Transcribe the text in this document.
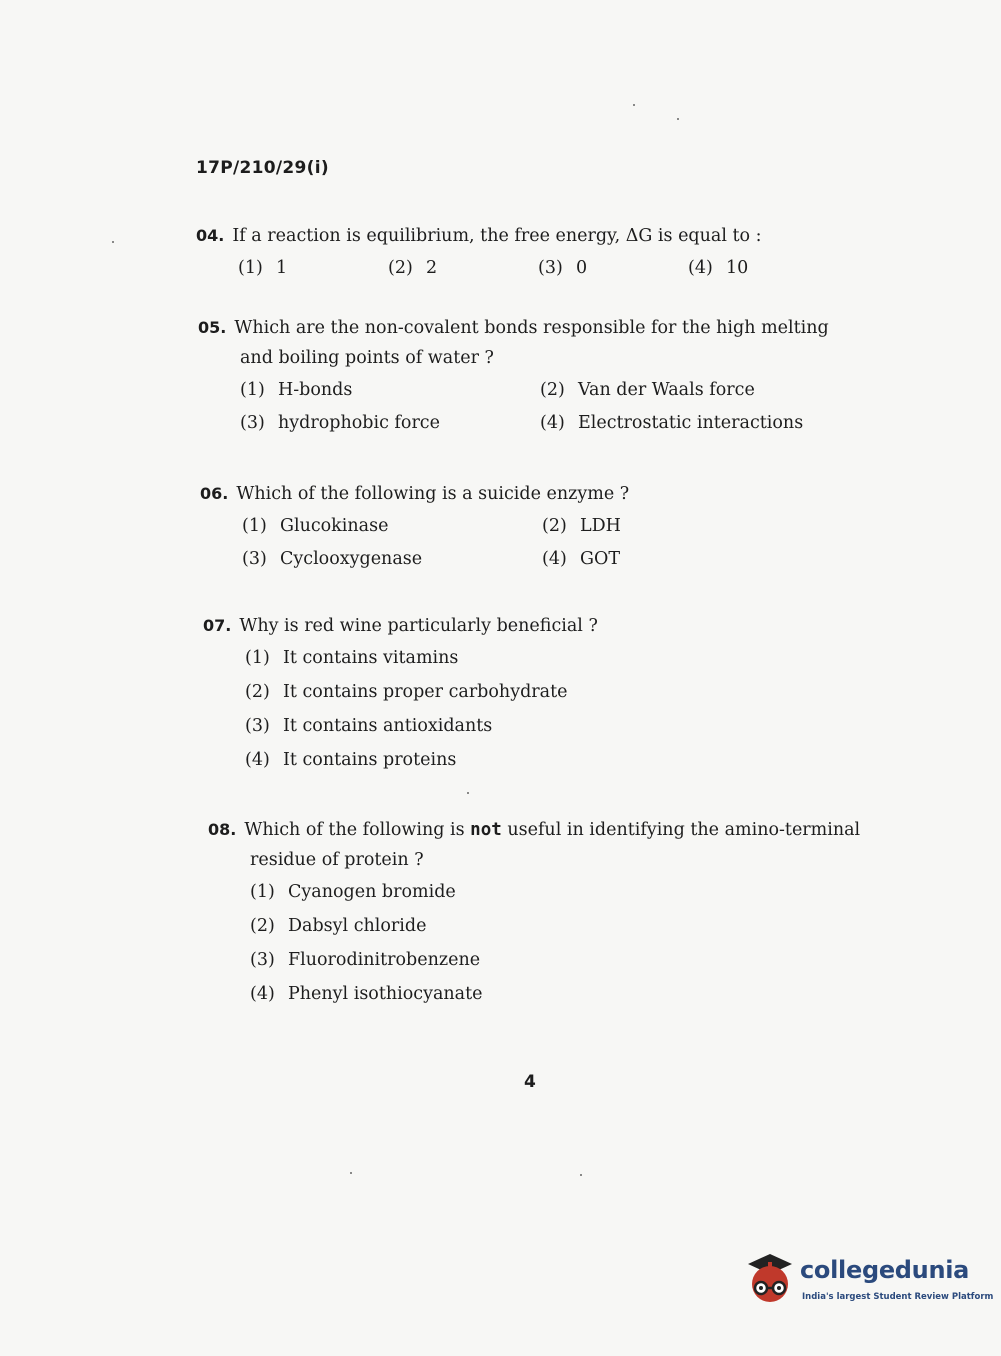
17P/210/29(i)
04. If a reaction is equilibrium, the free energy, ΔG is equal to :
(1) 1	(2) 2	(3) 0	(4) 10
05. Which are the non-covalent bonds responsible for the high melting
and boiling points of water ?
(1) H-bonds	(2) Van der Waals force
(3) hydrophobic force	(4) Electrostatic interactions
06. Which of the following is a suicide enzyme ?
(1) Glucokinase	(2) LDH
(3) Cyclooxygenase	(4) GOT
07. Why is red wine particularly beneficial ?
(1) It contains vitamins
(2) It contains proper carbohydrate
(3) It contains antioxidants
(4) It contains proteins
08. Which of the following is not useful in identifying the amino-terminal
residue of protein ?
(1) Cyanogen bromide
(2) Dabsyl chloride
(3) Fluorodinitrobenzene
(4) Phenyl isothiocyanate
4
collegedunia
India's largest Student Review Platform
